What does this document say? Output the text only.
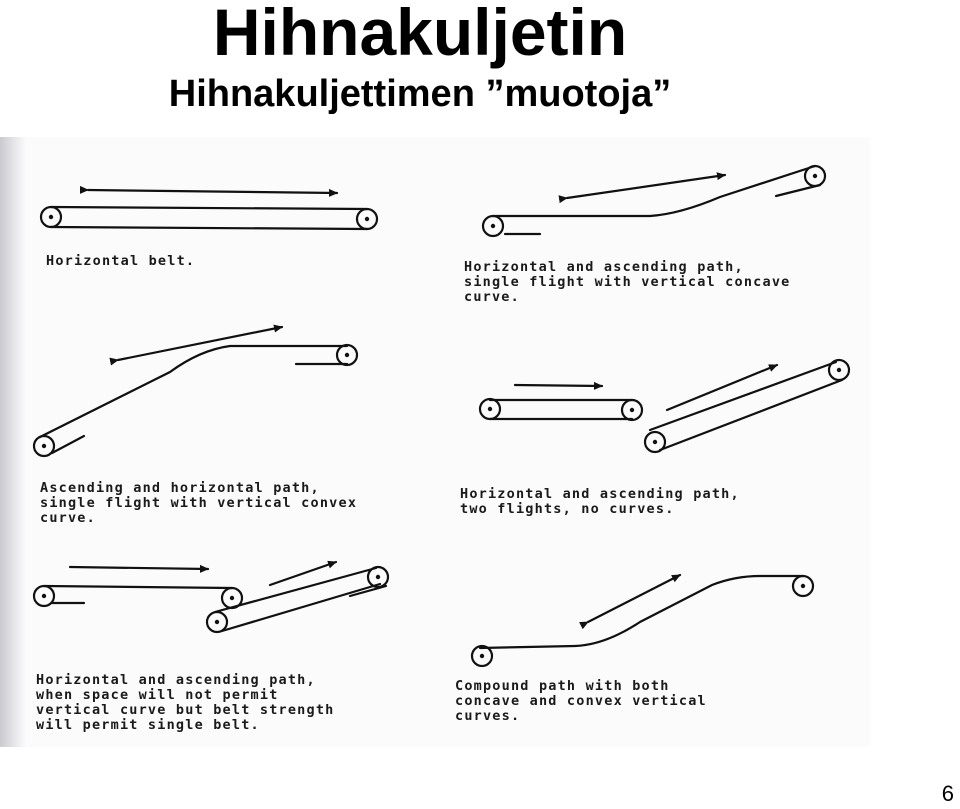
Hihnakuljetin
Hihnakuljettimen ”muotoja”

Horizontal belt.	Horizontal and ascending path,
single flight with vertical concave
curve.

Ascending and horizontal path,
single flight with vertical convex
curve.

Horizontal and ascending path,
two flights, no curves.

Horizontal and ascending path,
when space will not permit
vertical curve but belt strength
will permit single belt.

Compound path with both
concave and convex vertical
curves.

6
